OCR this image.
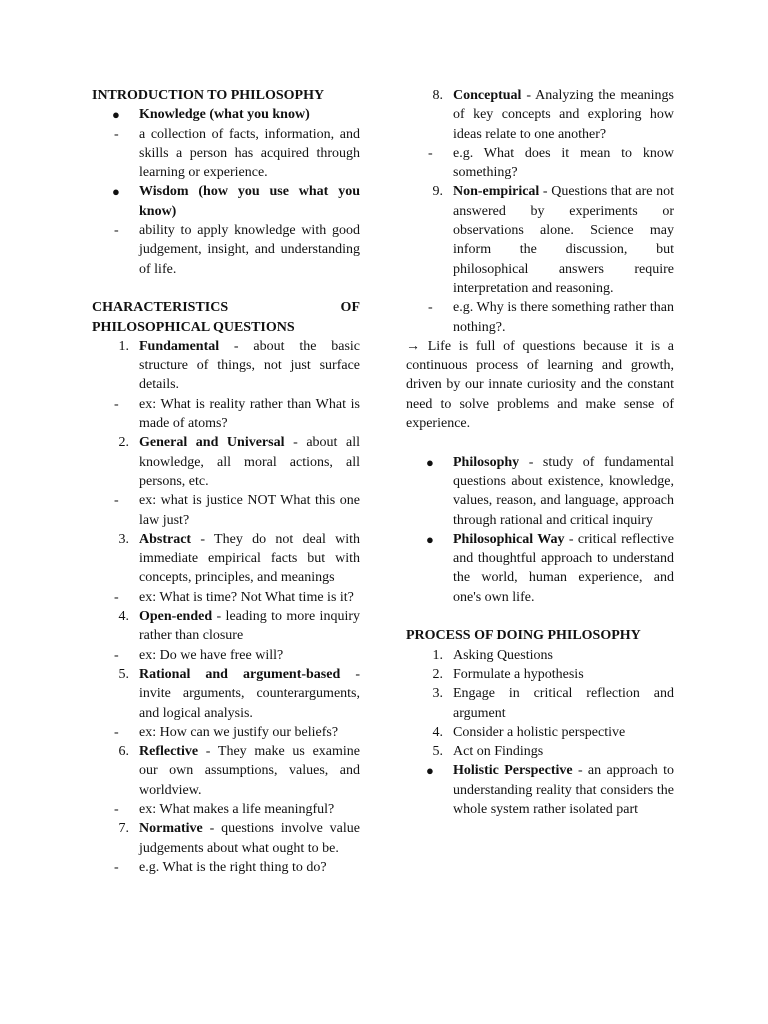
INTRODUCTION TO PHILOSOPHY
● Knowledge (what you know)
- a collection of facts, information, and skills a person has acquired through learning or experience.
● Wisdom (how you use what you know)
- ability to apply knowledge with good judgement, insight, and understanding of life.
CHARACTERISTICS OF
PHILOSOPHICAL QUESTIONS
1. Fundamental - about the basic structure of things, not just surface details.
- ex: What is reality rather than What is made of atoms?
2. General and Universal - about all knowledge, all moral actions, all persons, etc.
- ex: what is justice NOT What this one law just?
3. Abstract - They do not deal with immediate empirical facts but with concepts, principles, and meanings
- ex: What is time? Not What time is it?
4. Open-ended - leading to more inquiry rather than closure
- ex: Do we have free will?
5. Rational and argument-based - invite arguments, counterarguments, and logical analysis.
- ex: How can we justify our beliefs?
6. Reflective - They make us examine our own assumptions, values, and worldview.
- ex: What makes a life meaningful?
7. Normative - questions involve value judgements about what ought to be.
- e.g. What is the right thing to do?
8. Conceptual - Analyzing the meanings of key concepts and exploring how ideas relate to one another?
- e.g. What does it mean to know something?
9. Non-empirical - Questions that are not answered by experiments or observations alone. Science may inform the discussion, but philosophical answers require interpretation and reasoning.
- e.g. Why is there something rather than nothing?.
→ Life is full of questions because it is a continuous process of learning and growth, driven by our innate curiosity and the constant need to solve problems and make sense of experience.
● Philosophy - study of fundamental questions about existence, knowledge, values, reason, and language, approach through rational and critical inquiry
● Philosophical Way - critical reflective and thoughtful approach to understand the world, human experience, and one's own life.
PROCESS OF DOING PHILOSOPHY
1. Asking Questions
2. Formulate a hypothesis
3. Engage in critical reflection and argument
4. Consider a holistic perspective
5. Act on Findings
● Holistic Perspective - an approach to understanding reality that considers the whole system rather isolated part
